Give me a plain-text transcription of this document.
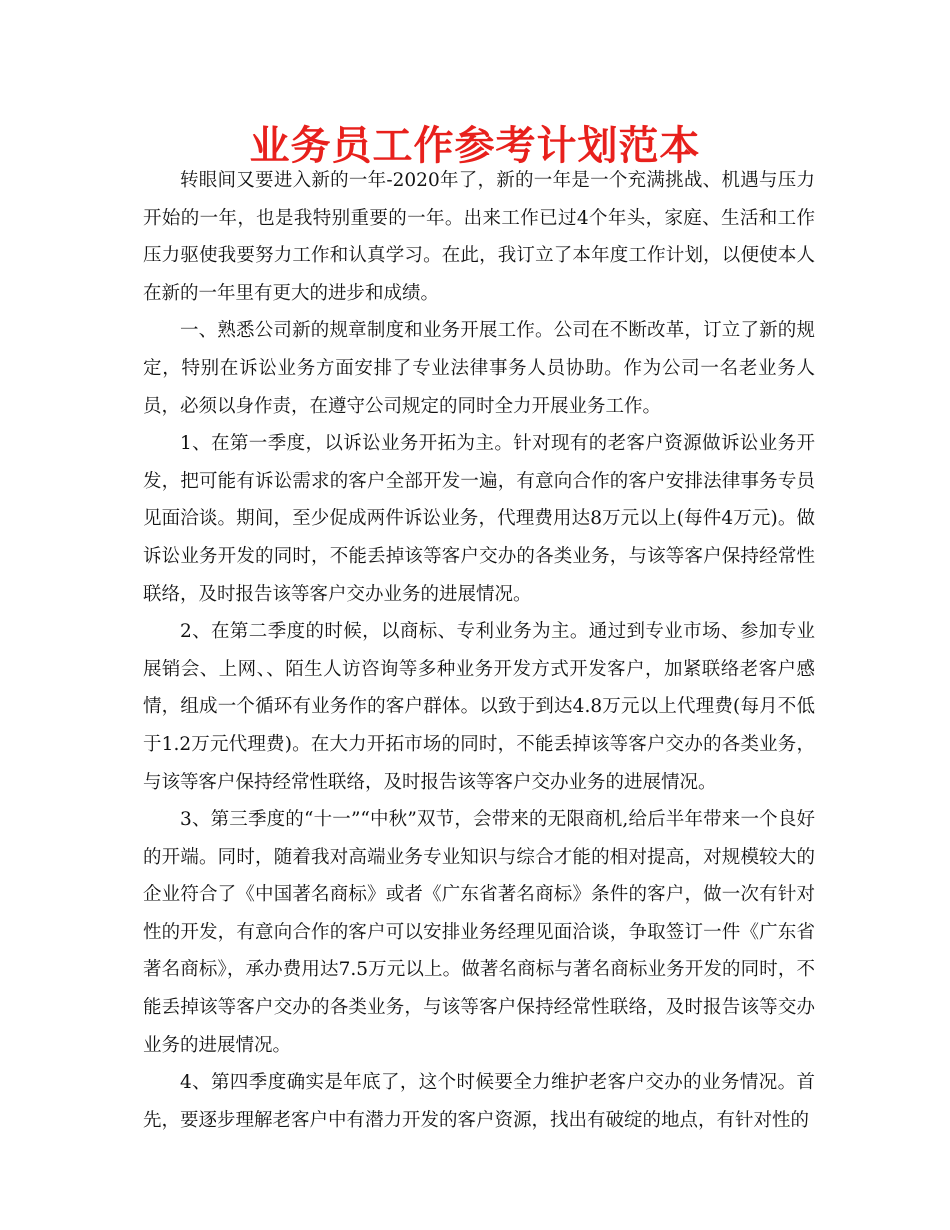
业务员工作参考计划范本

转眼间又要进入新的一年-2020年了，新的一年是一个充满挑战、机遇与压力开始的一年，也是我特别重要的一年。出来工作已过4个年头，家庭、生活和工作压力驱使我要努力工作和认真学习。在此，我订立了本年度工作计划，以便使本人在新的一年里有更大的进步和成绩。

一、熟悉公司新的规章制度和业务开展工作。公司在不断改革，订立了新的规定，特别在诉讼业务方面安排了专业法律事务人员协助。作为公司一名老业务人员，必须以身作责，在遵守公司规定的同时全力开展业务工作。

1、在第一季度，以诉讼业务开拓为主。针对现有的老客户资源做诉讼业务开发，把可能有诉讼需求的客户全部开发一遍，有意向合作的客户安排法律事务专员见面洽谈。期间，至少促成两件诉讼业务，代理费用达8万元以上(每件4万元)。做诉讼业务开发的同时，不能丢掉该等客户交办的各类业务，与该等客户保持经常性联络，及时报告该等客户交办业务的进展情况。

2、在第二季度的时候，以商标、专利业务为主。通过到专业市场、参加专业展销会、上网、、陌生人访咨询等多种业务开发方式开发客户，加紧联络老客户感情，组成一个循环有业务作的客户群体。以致于到达4.8万元以上代理费(每月不低于1.2万元代理费)。在大力开拓市场的同时，不能丢掉该等客户交办的各类业务，与该等客户保持经常性联络，及时报告该等客户交办业务的进展情况。

3、第三季度的“十一”“中秋”双节，会带来的无限商机,给后半年带来一个良好的开端。同时，随着我对高端业务专业知识与综合才能的相对提高，对规模较大的企业符合了《中国著名商标》或者《广东省著名商标》条件的客户，做一次有针对性的开发，有意向合作的客户可以安排业务经理见面洽谈，争取签订一件《广东省著名商标》，承办费用达7.5万元以上。做著名商标与著名商标业务开发的同时，不能丢掉该等客户交办的各类业务，与该等客户保持经常性联络，及时报告该等交办业务的进展情况。

4、第四季度确实是年底了，这个时候要全力维护老客户交办的业务情况。首先，要逐步理解老客户中有潜力开发的客户资源，找出有破绽的地点，有针对性的
